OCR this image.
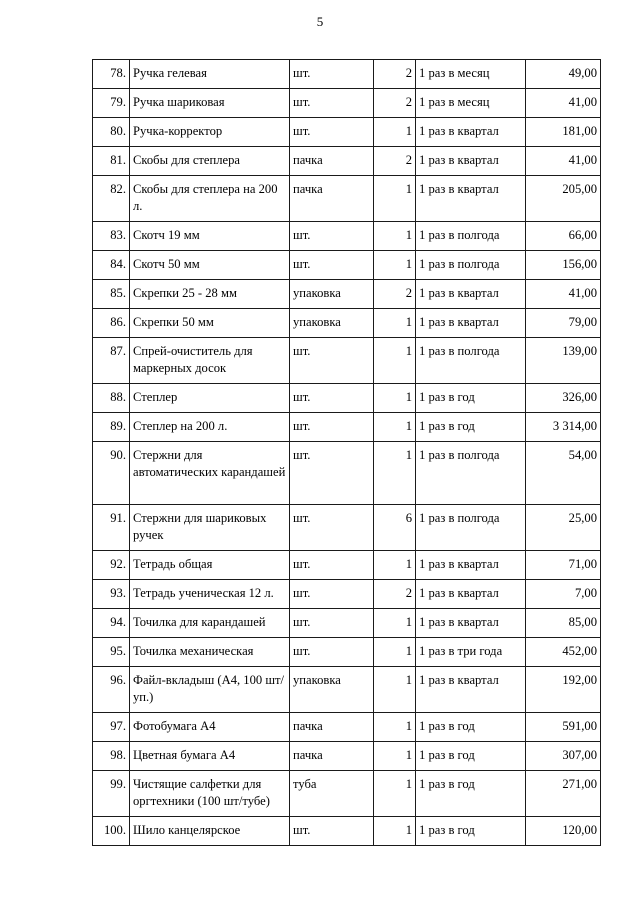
5
78.	Ручка гелевая	шт.	2	1 раз в месяц	49,00
79.	Ручка шариковая	шт.	2	1 раз в месяц	41,00
80.	Ручка-корректор	шт.	1	1 раз в квартал	181,00
81.	Скобы для степлера	пачка	2	1 раз в квартал	41,00
82.	Скобы для степлера на 200 л.	пачка	1	1 раз в квартал	205,00
83.	Скотч 19 мм	шт.	1	1 раз в полгода	66,00
84.	Скотч 50 мм	шт.	1	1 раз в полгода	156,00
85.	Скрепки 25 - 28 мм	упаковка	2	1 раз в квартал	41,00
86.	Скрепки 50 мм	упаковка	1	1 раз в квартал	79,00
87.	Спрей-очиститель для маркерных досок	шт.	1	1 раз в полгода	139,00
88.	Степлер	шт.	1	1 раз в год	326,00
89.	Степлер на 200 л.	шт.	1	1 раз в год	3 314,00
90.	Стержни для автоматических карандашей	шт.	1	1 раз в полгода	54,00
91.	Стержни для шариковых ручек	шт.	6	1 раз в полгода	25,00
92.	Тетрадь общая	шт.	1	1 раз в квартал	71,00
93.	Тетрадь ученическая 12 л.	шт.	2	1 раз в квартал	7,00
94.	Точилка для карандашей	шт.	1	1 раз в квартал	85,00
95.	Точилка механическая	шт.	1	1 раз в три года	452,00
96.	Файл-вкладыш (А4, 100 шт/уп.)	упаковка	1	1 раз в квартал	192,00
97.	Фотобумага А4	пачка	1	1 раз в год	591,00
98.	Цветная бумага А4	пачка	1	1 раз в год	307,00
99.	Чистящие салфетки для оргтехники (100 шт/тубе)	туба	1	1 раз в год	271,00
100.	Шило канцелярское	шт.	1	1 раз в год	120,00
